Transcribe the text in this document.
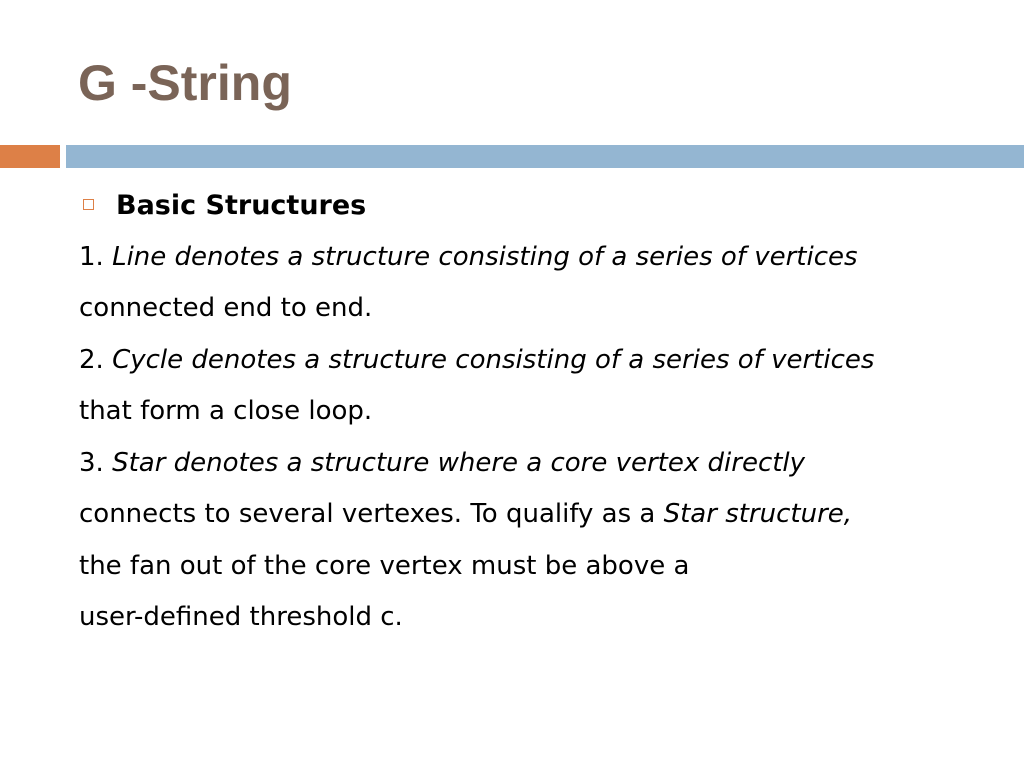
G -String
Basic Structures
1. Line denotes a structure consisting of a series of vertices
connected end to end.
2. Cycle denotes a structure consisting of a series of vertices
that form a close loop.
3. Star denotes a structure where a core vertex directly
connects to several vertexes. To qualify as a Star structure,
the fan out of the core vertex must be above a
user-defined threshold c.
